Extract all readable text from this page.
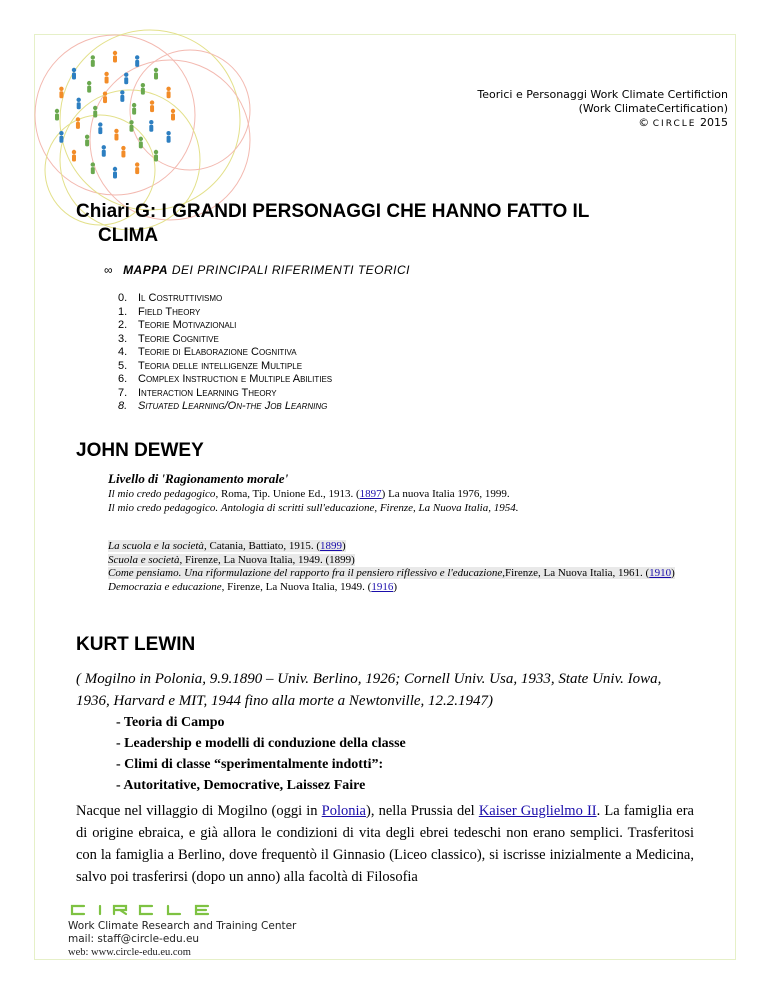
Teorici e Personaggi Work Climate Certifiction
(Work ClimateCertification)
© CIRCLE 2015
Chiari G: I GRANDI PERSONAGGI CHE HANNO FATTO IL
CLIMA
∞ MAPPA DEI PRINCIPALI RIFERIMENTI TEORICI
0. Il Costruttivismo
1. Field Theory
2. Teorie Motivazionali
3. Teorie Cognitive
4. Teorie di Elaborazione Cognitiva
5. Teoria delle intelligenze Multiple
6. Complex Instruction e Multiple Abilities
7. Interaction Learning Theory
8. Situated Learning/On-the Job Learning
JOHN DEWEY
Livello di 'Ragionamento morale'

Il mio credo pedagogico, Roma, Tip. Unione Ed., 1913. (1897) La nuova Italia 1976, 1999.

Il mio credo pedagogico. Antologia di scritti sull'educazione, Firenze, La Nuova Italia, 1954.

La scuola e la società, Catania, Battiato, 1915. (1899)

Scuola e società, Firenze, La Nuova Italia, 1949. (1899)

Come pensiamo. Una riformulazione del rapporto fra il pensiero riflessivo e l'educazione,Firenze, La Nuova Italia, 1961. (1910)

Democrazia e educazione, Firenze, La Nuova Italia, 1949. (1916)

KURT LEWIN
( Mogilno in Polonia, 9.9.1890 – Univ. Berlino, 1926; Cornell Univ. Usa, 1933, State Univ. Iowa, 1936, Harvard e MIT, 1944 fino alla morte a Newtonville, 12.2.1947)
- Teoria di Campo
- Leadership e modelli di conduzione della classe
- Climi di classe “sperimentalmente indotti”:
- Autoritative, Democrative, Laissez Faire
Nacque nel villaggio di Mogilno (oggi in Polonia), nella Prussia del Kaiser Guglielmo II. La famiglia era di origine ebraica, e già allora le condizioni di vita degli ebrei tedeschi non erano semplici. Trasferitosi con la famiglia a Berlino, dove frequentò il Ginnasio (Liceo classico), si iscrisse inizialmente a Medicina, salvo poi trasferirsi (dopo un anno) alla facoltà di Filosofia
Work Climate Research and Training Center
mail: staff@circle-edu.eu
web: www.circle-edu.eu.com
